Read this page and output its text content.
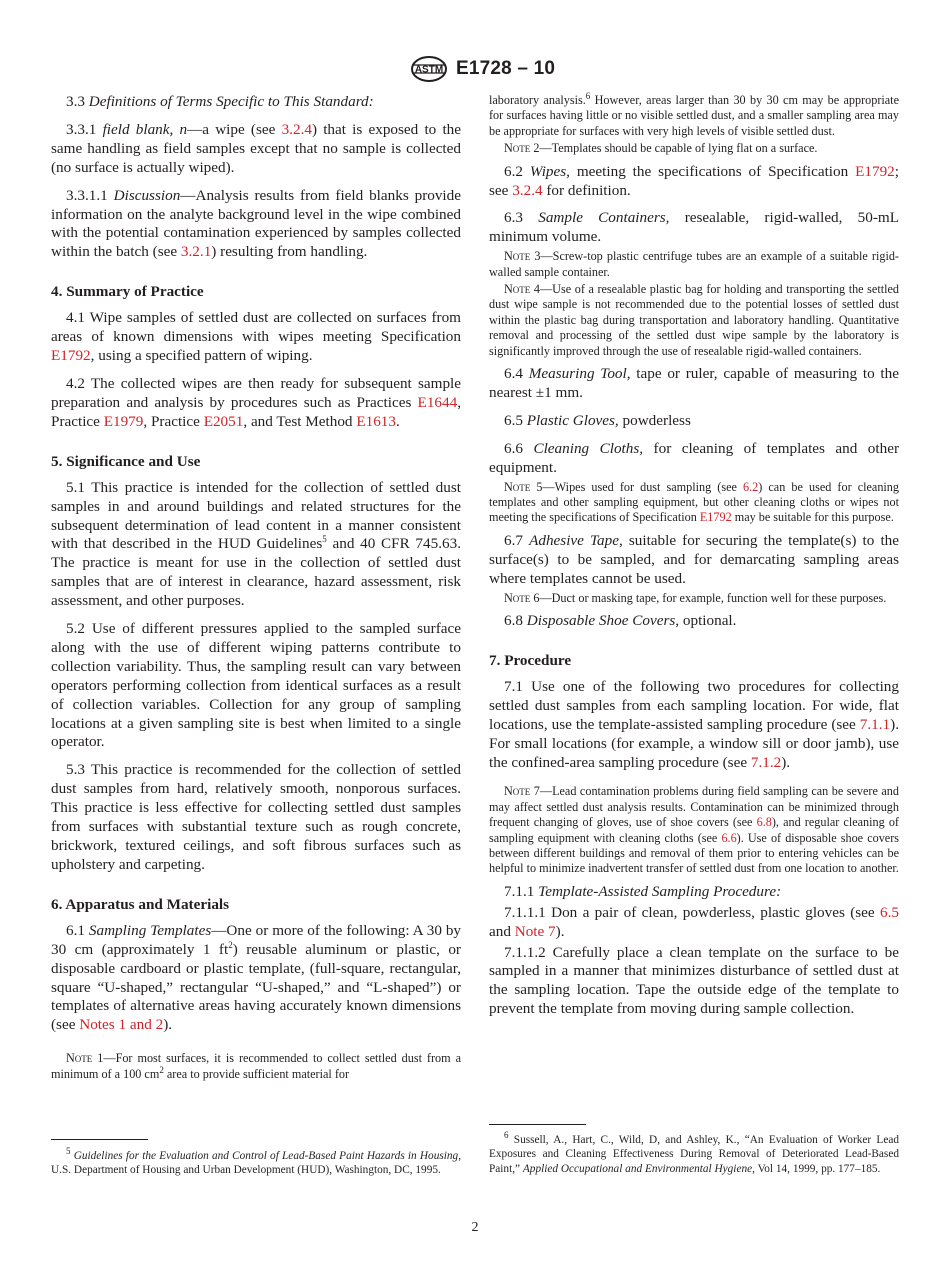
ASTM E1728 – 10

3.3 Definitions of Terms Specific to This Standard:

3.3.1 field blank, n—a wipe (see 3.2.4) that is exposed to the same handling as field samples except that no sample is collected (no surface is actually wiped).

3.3.1.1 Discussion—Analysis results from field blanks provide information on the analyte background level in the wipe combined with the potential contamination experienced by samples collected within the batch (see 3.2.1) resulting from handling.

4. Summary of Practice

4.1 Wipe samples of settled dust are collected on surfaces from areas of known dimensions with wipes meeting Specification E1792, using a specified pattern of wiping.

4.2 The collected wipes are then ready for subsequent sample preparation and analysis by procedures such as Practices E1644, Practice E1979, Practice E2051, and Test Method E1613.

5. Significance and Use

5.1 This practice is intended for the collection of settled dust samples in and around buildings and related structures for the subsequent determination of lead content in a manner consistent with that described in the HUD Guidelines$^5$ and 40 CFR 745.63. The practice is meant for use in the collection of settled dust samples that are of interest in clearance, hazard assessment, risk assessment, and other purposes.

5.2 Use of different pressures applied to the sampled surface along with the use of different wiping patterns contribute to collection variability. Thus, the sampling result can vary between operators performing collection from identical surfaces as a result of collection variables. Collection for any group of sampling locations at a given sampling site is best when limited to a single operator.

5.3 This practice is recommended for the collection of settled dust samples from hard, relatively smooth, nonporous surfaces. This practice is less effective for collecting settled dust samples from surfaces with substantial texture such as rough concrete, brickwork, textured ceilings, and soft fibrous surfaces such as upholstery and carpeting.

6. Apparatus and Materials

6.1 Sampling Templates—One or more of the following: A 30 by 30 cm (approximately 1 $ft^2$) reusable aluminum or plastic, or disposable cardboard or plastic template, (full-square, rectangular, square “U-shaped,” rectangular “U-shaped,” and “L-shaped”) or templates of alternative areas having accurately known dimensions (see Notes 1 and 2).

Note 1—For most surfaces, it is recommended to collect settled dust from a minimum of a 100 $cm^2$ area to provide sufficient material for

$^5$ Guidelines for the Evaluation and Control of Lead-Based Paint Hazards in Housing, U.S. Department of Housing and Urban Development (HUD), Washington, DC, 1995.

laboratory analysis.$^6$ However, areas larger than 30 by 30 cm may be appropriate for surfaces having little or no visible settled dust, and a smaller sampling area may be appropriate for surfaces with very high levels of visible settled dust.

Note 2—Templates should be capable of lying flat on a surface.

6.2 Wipes, meeting the specifications of Specification E1792; see 3.2.4 for definition.

6.3 Sample Containers, resealable, rigid-walled, 50-mL minimum volume.

Note 3—Screw-top plastic centrifuge tubes are an example of a suitable rigid-walled sample container.

Note 4—Use of a resealable plastic bag for holding and transporting the settled dust wipe sample is not recommended due to the potential losses of settled dust within the plastic bag during transportation and laboratory handling. Quantitative removal and processing of the settled dust wipe sample by the laboratory is significantly improved through the use of resealable rigid-walled containers.

6.4 Measuring Tool, tape or ruler, capable of measuring to the nearest ±1 mm.

6.5 Plastic Gloves, powderless

6.6 Cleaning Cloths, for cleaning of templates and other equipment.

Note 5—Wipes used for dust sampling (see 6.2) can be used for cleaning templates and other sampling equipment, but other cleaning cloths or wipes not meeting the specifications of Specification E1792 may be suitable for this purpose.

6.7 Adhesive Tape, suitable for securing the template(s) to the surface(s) to be sampled, and for demarcating sampling areas where templates cannot be used.

Note 6—Duct or masking tape, for example, function well for these purposes.

6.8 Disposable Shoe Covers, optional.

7. Procedure

7.1 Use one of the following two procedures for collecting settled dust samples from each sampling location. For wide, flat locations, use the template-assisted sampling procedure (see 7.1.1). For small locations (for example, a window sill or door jamb), use the confined-area sampling procedure (see 7.1.2).

Note 7—Lead contamination problems during field sampling can be severe and may affect settled dust analysis results. Contamination can be minimized through frequent changing of gloves, use of shoe covers (see 6.8), and regular cleaning of sampling equipment with cleaning cloths (see 6.6). Use of disposable shoe covers between different buildings and removal of them prior to entering vehicles can be helpful to minimize inadvertent transfer of settled dust from one location to another.

7.1.1 Template-Assisted Sampling Procedure:

7.1.1.1 Don a pair of clean, powderless, plastic gloves (see 6.5 and Note 7).

7.1.1.2 Carefully place a clean template on the surface to be sampled in a manner that minimizes disturbance of settled dust at the sampling location. Tape the outside edge of the template to prevent the template from moving during sample collection.

$^6$ Sussell, A., Hart, C., Wild, D, and Ashley, K., “An Evaluation of Worker Lead Exposures and Cleaning Effectiveness During Removal of Deteriorated Lead-Based Paint,” Applied Occupational and Environmental Hygiene, Vol 14, 1999, pp. 177–185.
2
